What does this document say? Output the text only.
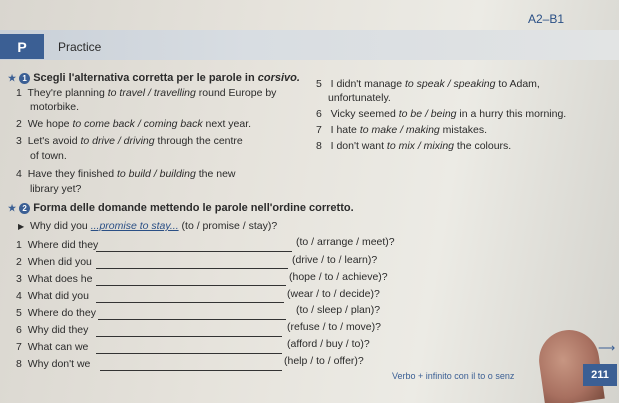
A2–B1
P	Practice
★ 1 Scegli l'alternativa corretta per le parole in corsivo.
1 They're planning to travel / travelling round Europe by
motorbike.
2 We hope to come back / coming back next year.
3 Let's avoid to drive / driving through the centre
of town.
4 Have they finished to build / building the new
library yet?
5 I didn't manage to speak / speaking to Adam,
unfortunately.
6 Vicky seemed to be / being in a hurry this morning.
7 I hate to make / making mistakes.
8 I don't want to mix / mixing the colours.
★ 2 Forma delle domande mettendo le parole nell'ordine corretto.
▶ Why did you ...promise to stay... (to / promise / stay)?
1 Where did they	(to / arrange / meet)?
2 When did you	(drive / to / learn)?
3 What does he	(hope / to / achieve)?
4 What did you	(wear / to / decide)?
5 Where do they	(to / sleep / plan)?
6 Why did they	(refuse / to / move)?
7 What can we	(afford / buy / to)?
8 Why don't we	(help / to / offer)?
⟶
Verbo + infinito con il to o senz	211
